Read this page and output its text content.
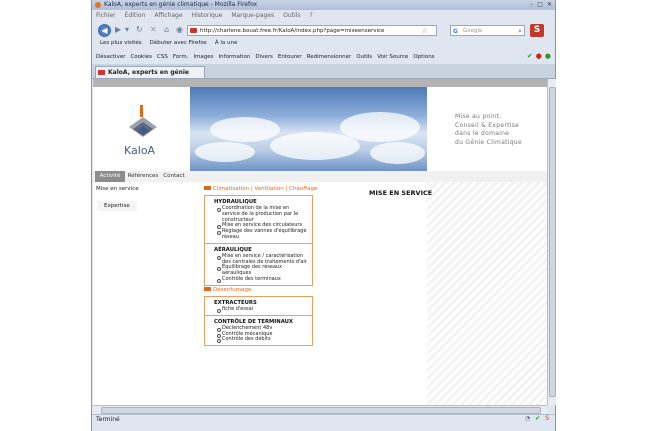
KaloA, experts en génie climatique - Mozilla Firefox	– □ ✕
Fichier Édition Affichage Historique Marque-pages Outils ?
◀ ▶ ▾ ↻ ✕ ⌂ ◉	http://charlene.bouat.free.fr/KaloA/index.php?page=miseenservice	☆	G Google	⌕	S
Les plus visités Débuter avec Firefox À la une
Désactiver Cookies CSS Form. Images Information Divers Entourer Redimensionner Outils Voir Source Options	✔ ● ●
KaloA, experts en génie
KaloA
Mise au point,
Conseil & Expertise
dans le domaine
du Génie Climatique
Activité	Références Contact
Mise en service
Expertise
MISE EN SERVICE
Climatisation | Ventilation | Chauffage
HYDRAULIQUE
Coordination de la mise en service de la production par le constructeur
Mise en service des circulateurs
Réglage des vannes d'équilibrage réseau
AÉRAULIQUE
Mise en service / caractérisation des centrales de traitements d'air
Équilibrage des réseaux aérauliques
Contrôle des terminaux
Désenfumage
EXTRACTEURS
fiche d'essai
CONTRÔLE DE TERMINAUX
Déclenchement 48v
Contrôle mécanique
Contrôle des débits
Terminé	◔ ✔ S
